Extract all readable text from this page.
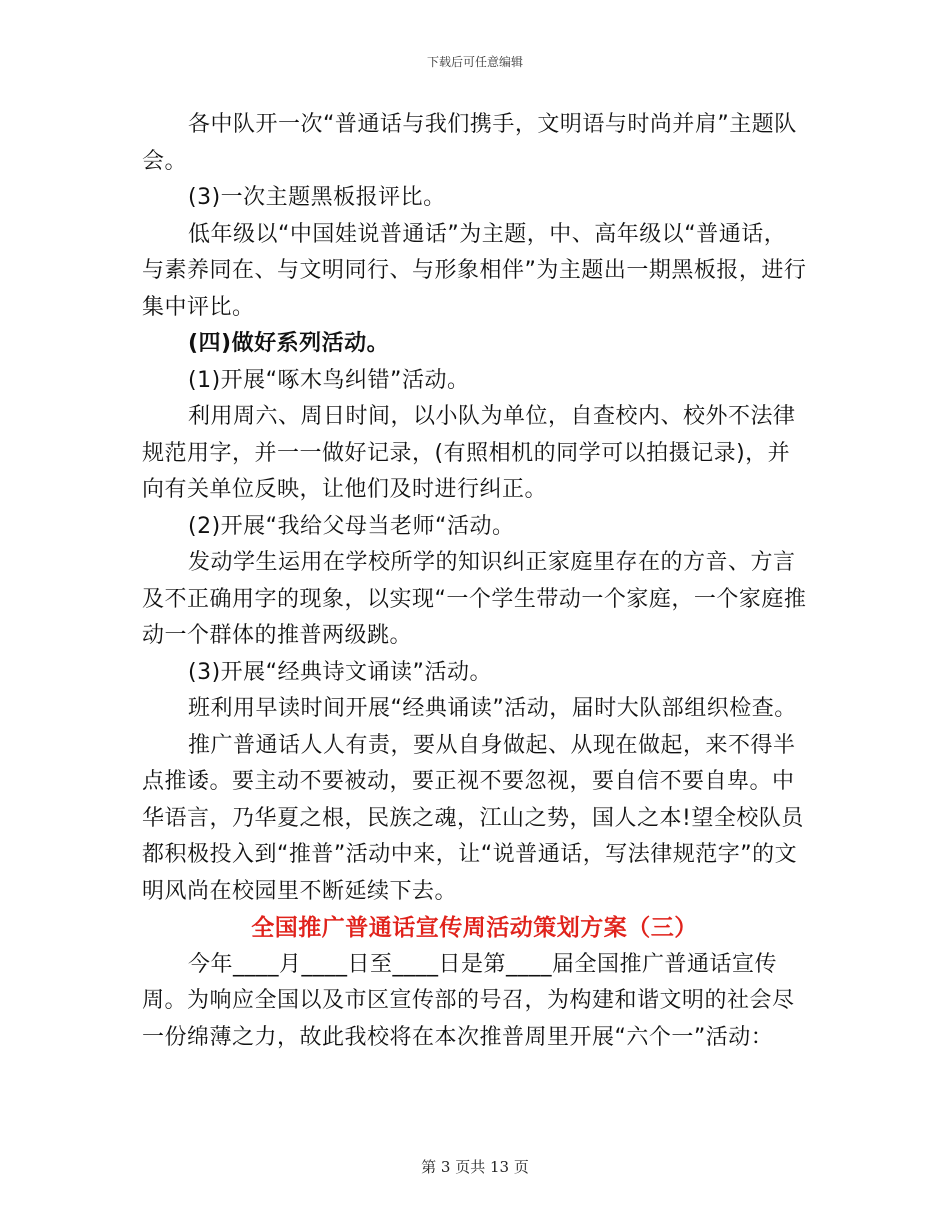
下载后可任意编辑

各中队开一次“普通话与我们携手，文明语与时尚并肩”主题队会。

(3)一次主题黑板报评比。

低年级以“中国娃说普通话”为主题，中、高年级以“普通话，与素养同在、与文明同行、与形象相伴”为主题出一期黑板报，进行集中评比。

(四)做好系列活动。

(1)开展“啄木鸟纠错”活动。

利用周六、周日时间，以小队为单位，自查校内、校外不法律规范用字，并一一做好记录，(有照相机的同学可以拍摄记录)，并向有关单位反映，让他们及时进行纠正。

(2)开展“我给父母当老师“活动。

发动学生运用在学校所学的知识纠正家庭里存在的方音、方言及不正确用字的现象，以实现“一个学生带动一个家庭，一个家庭推动一个群体的推普两级跳。

(3)开展“经典诗文诵读”活动。

班利用早读时间开展“经典诵读”活动，届时大队部组织检查。

推广普通话人人有责，要从自身做起、从现在做起，来不得半点推诿。要主动不要被动，要正视不要忽视，要自信不要自卑。中华语言，乃华夏之根，民族之魂，江山之势，国人之本!望全校队员都积极投入到“推普”活动中来，让“说普通话，写法律规范字”的文明风尚在校园里不断延续下去。

全国推广普通话宣传周活动策划方案（三）

今年____月____日至____日是第____届全国推广普通话宣传周。为响应全国以及市区宣传部的号召，为构建和谐文明的社会尽一份绵薄之力，故此我校将在本次推普周里开展“六个一”活动：

第 3 页共 13 页
